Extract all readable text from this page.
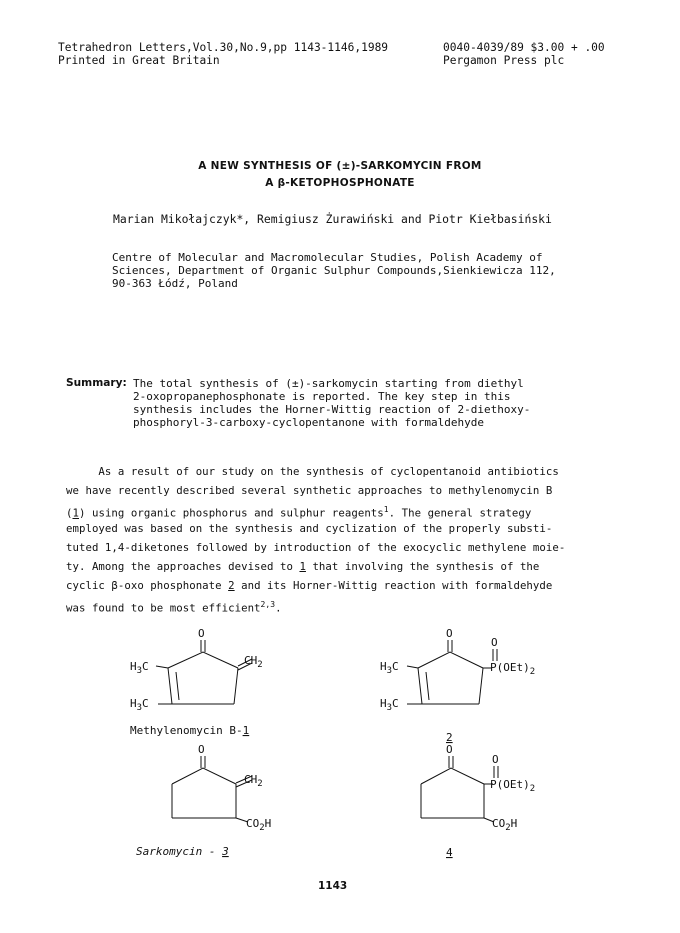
Tetrahedron Letters,Vol.30,No.9,pp 1143-1146,1989
Printed in Great Britain
0040-4039/89 $3.00 + .00
Pergamon Press plc
A NEW SYNTHESIS OF (±)-SARKOMYCIN FROM
A β-KETOPHOSPHONATE
Marian Mikołajczyk*, Remigiusz Żurawiński and Piotr Kiełbasiński
Centre of Molecular and Macromolecular Studies, Polish Academy of
Sciences, Department of Organic Sulphur Compounds,Sienkiewicza 112,
90-363 Łódź, Poland
Summary: The total synthesis of (±)-sarkomycin starting from diethyl
2-oxopropanephosphonate is reported. The key step in this
synthesis includes the Horner-Wittig reaction of 2-diethoxy-
phosphoryl-3-carboxy-cyclopentanone with formaldehyde
As a result of our study on the synthesis of cyclopentanoid antibiotics
we have recently described several synthetic approaches to methylenomycin B
(1) using organic phosphorus and sulphur reagents$^1$. The general strategy
employed was based on the synthesis and cyclization of the properly substi-
tuted 1,4-diketones followed by introduction of the exocyclic methylene moie-
ty. Among the approaches devised to 1 that involving the synthesis of the
cyclic β-oxo phosphonate 2 and its Horner-Wittig reaction with formaldehyde
was found to be most efficient$^{2,3}$.
O
$H_3C$
$H_3C$
$CH_2$
Methylenomycin B-1
O
O
$H_3C$
$H_3C$
$P(OEt)_2$
2
O
$CH_2$
$CO_2H$
Sarkomycin - 3
O
O
$P(OEt)_2$
$CO_2H$
4
1143
